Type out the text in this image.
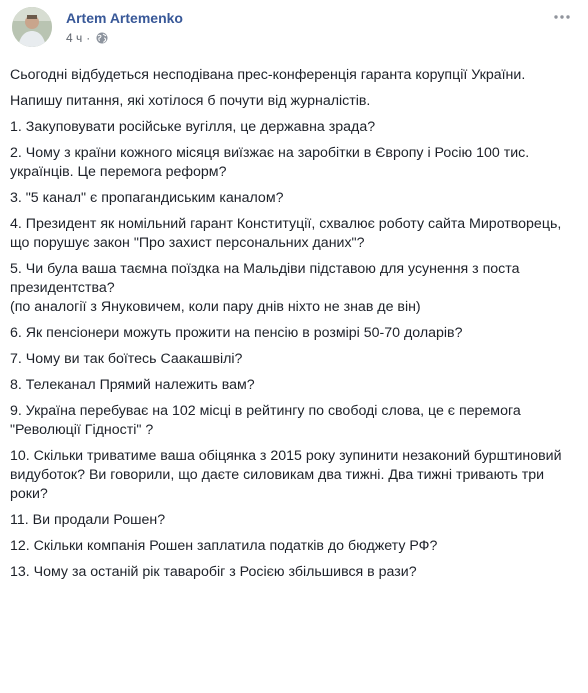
Artem Artemenko
4 ч ·

Сьогодні відбудеться несподівана прес-конференція гаранта корупції України.

Напишу питання, які хотілося б почути від журналістів.

1. Закуповувати російське вугілля, це державна зрада?

2. Чому з країни кожного місяця виїзжає на заробітки в Європу і Росію 100 тис. українців. Це перемога реформ?

3. "5 канал" є пропагандиським каналом?

4. Президент як номільний гарант Конституції, схвалює роботу сайта Миротворець, що порушує закон "Про захист персональних даних"?

5. Чи була ваша таємна поїздка на Мальдіви підставою для усунення з поста президентства?

(по аналогії з Януковичем, коли пару днів ніхто не знав де він)

6. Як пенсіонери можуть прожити на пенсію в розмірі 50-70 доларів?

7. Чому ви так боїтесь Саакашвілі?

8. Телеканал Прямий належить вам?

9. Україна перебуває на 102 місці в рейтингу по свободі слова, це є перемога "Революції Гідності" ?

10. Скільки триватиме ваша обіцянка з 2015 року зупинити незаконий бурштиновий видуботок? Ви говорили, що даєте силовикам два тижні. Два тижні тривають три роки?

11. Ви продали Рошен?

12. Скільки компанія Рошен заплатила податків до бюджету РФ?

13. Чому за останій рік таваробіг з Росією збільшився в рази?
